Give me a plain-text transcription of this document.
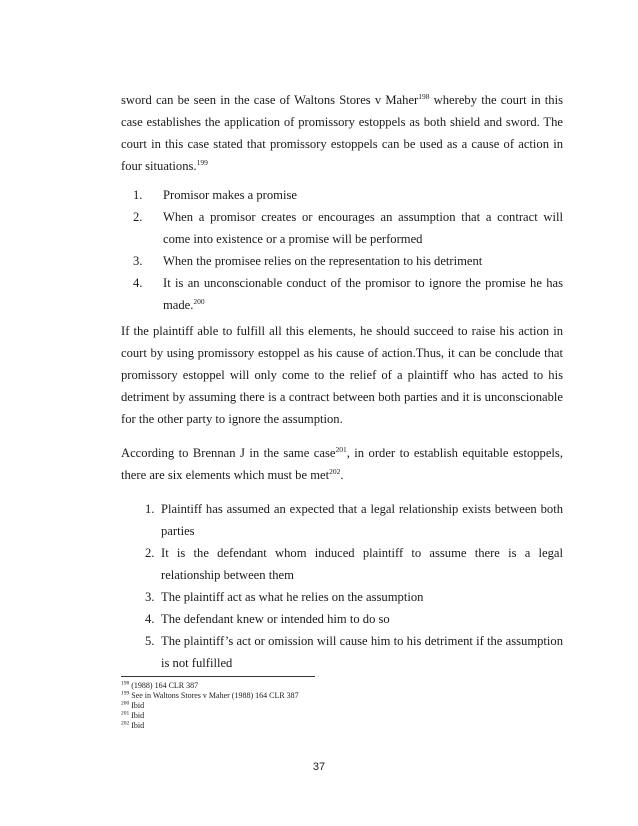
sword can be seen in the case of Waltons Stores v Maher$^{198}$ whereby the court in this case establishes the application of promissory estoppels as both shield and sword. The court in this case stated that promissory estoppels can be used as a cause of action in four situations.$^{199}$
1. Promisor makes a promise
2. When a promisor creates or encourages an assumption that a contract will come into existence or a promise will be performed
3. When the promisee relies on the representation to his detriment
4. It is an unconscionable conduct of the promisor to ignore the promise he has made.$^{200}$
If the plaintiff able to fulfill all this elements, he should succeed to raise his action in court by using promissory estoppel as his cause of action.Thus, it can be conclude that promissory estoppel will only come to the relief of a plaintiff who has acted to his detriment by assuming there is a contract between both parties and it is unconscionable for the other party to ignore the assumption.
According to Brennan J in the same case$^{201}$, in order to establish equitable estoppels, there are six elements which must be met$^{202}$.
1. Plaintiff has assumed an expected that a legal relationship exists between both parties
2. It is the defendant whom induced plaintiff to assume there is a legal relationship between them
3. The plaintiff act as what he relies on the assumption
4. The defendant knew or intended him to do so
5. The plaintiff’s act or omission will cause him to his detriment if the assumption is not fulfilled
$^{198}$ (1988) 164 CLR 387
$^{199}$ See in Waltons Stores v Maher (1988) 164 CLR 387
$^{200}$ Ibid
$^{201}$ Ibid
$^{202}$ Ibid
37
